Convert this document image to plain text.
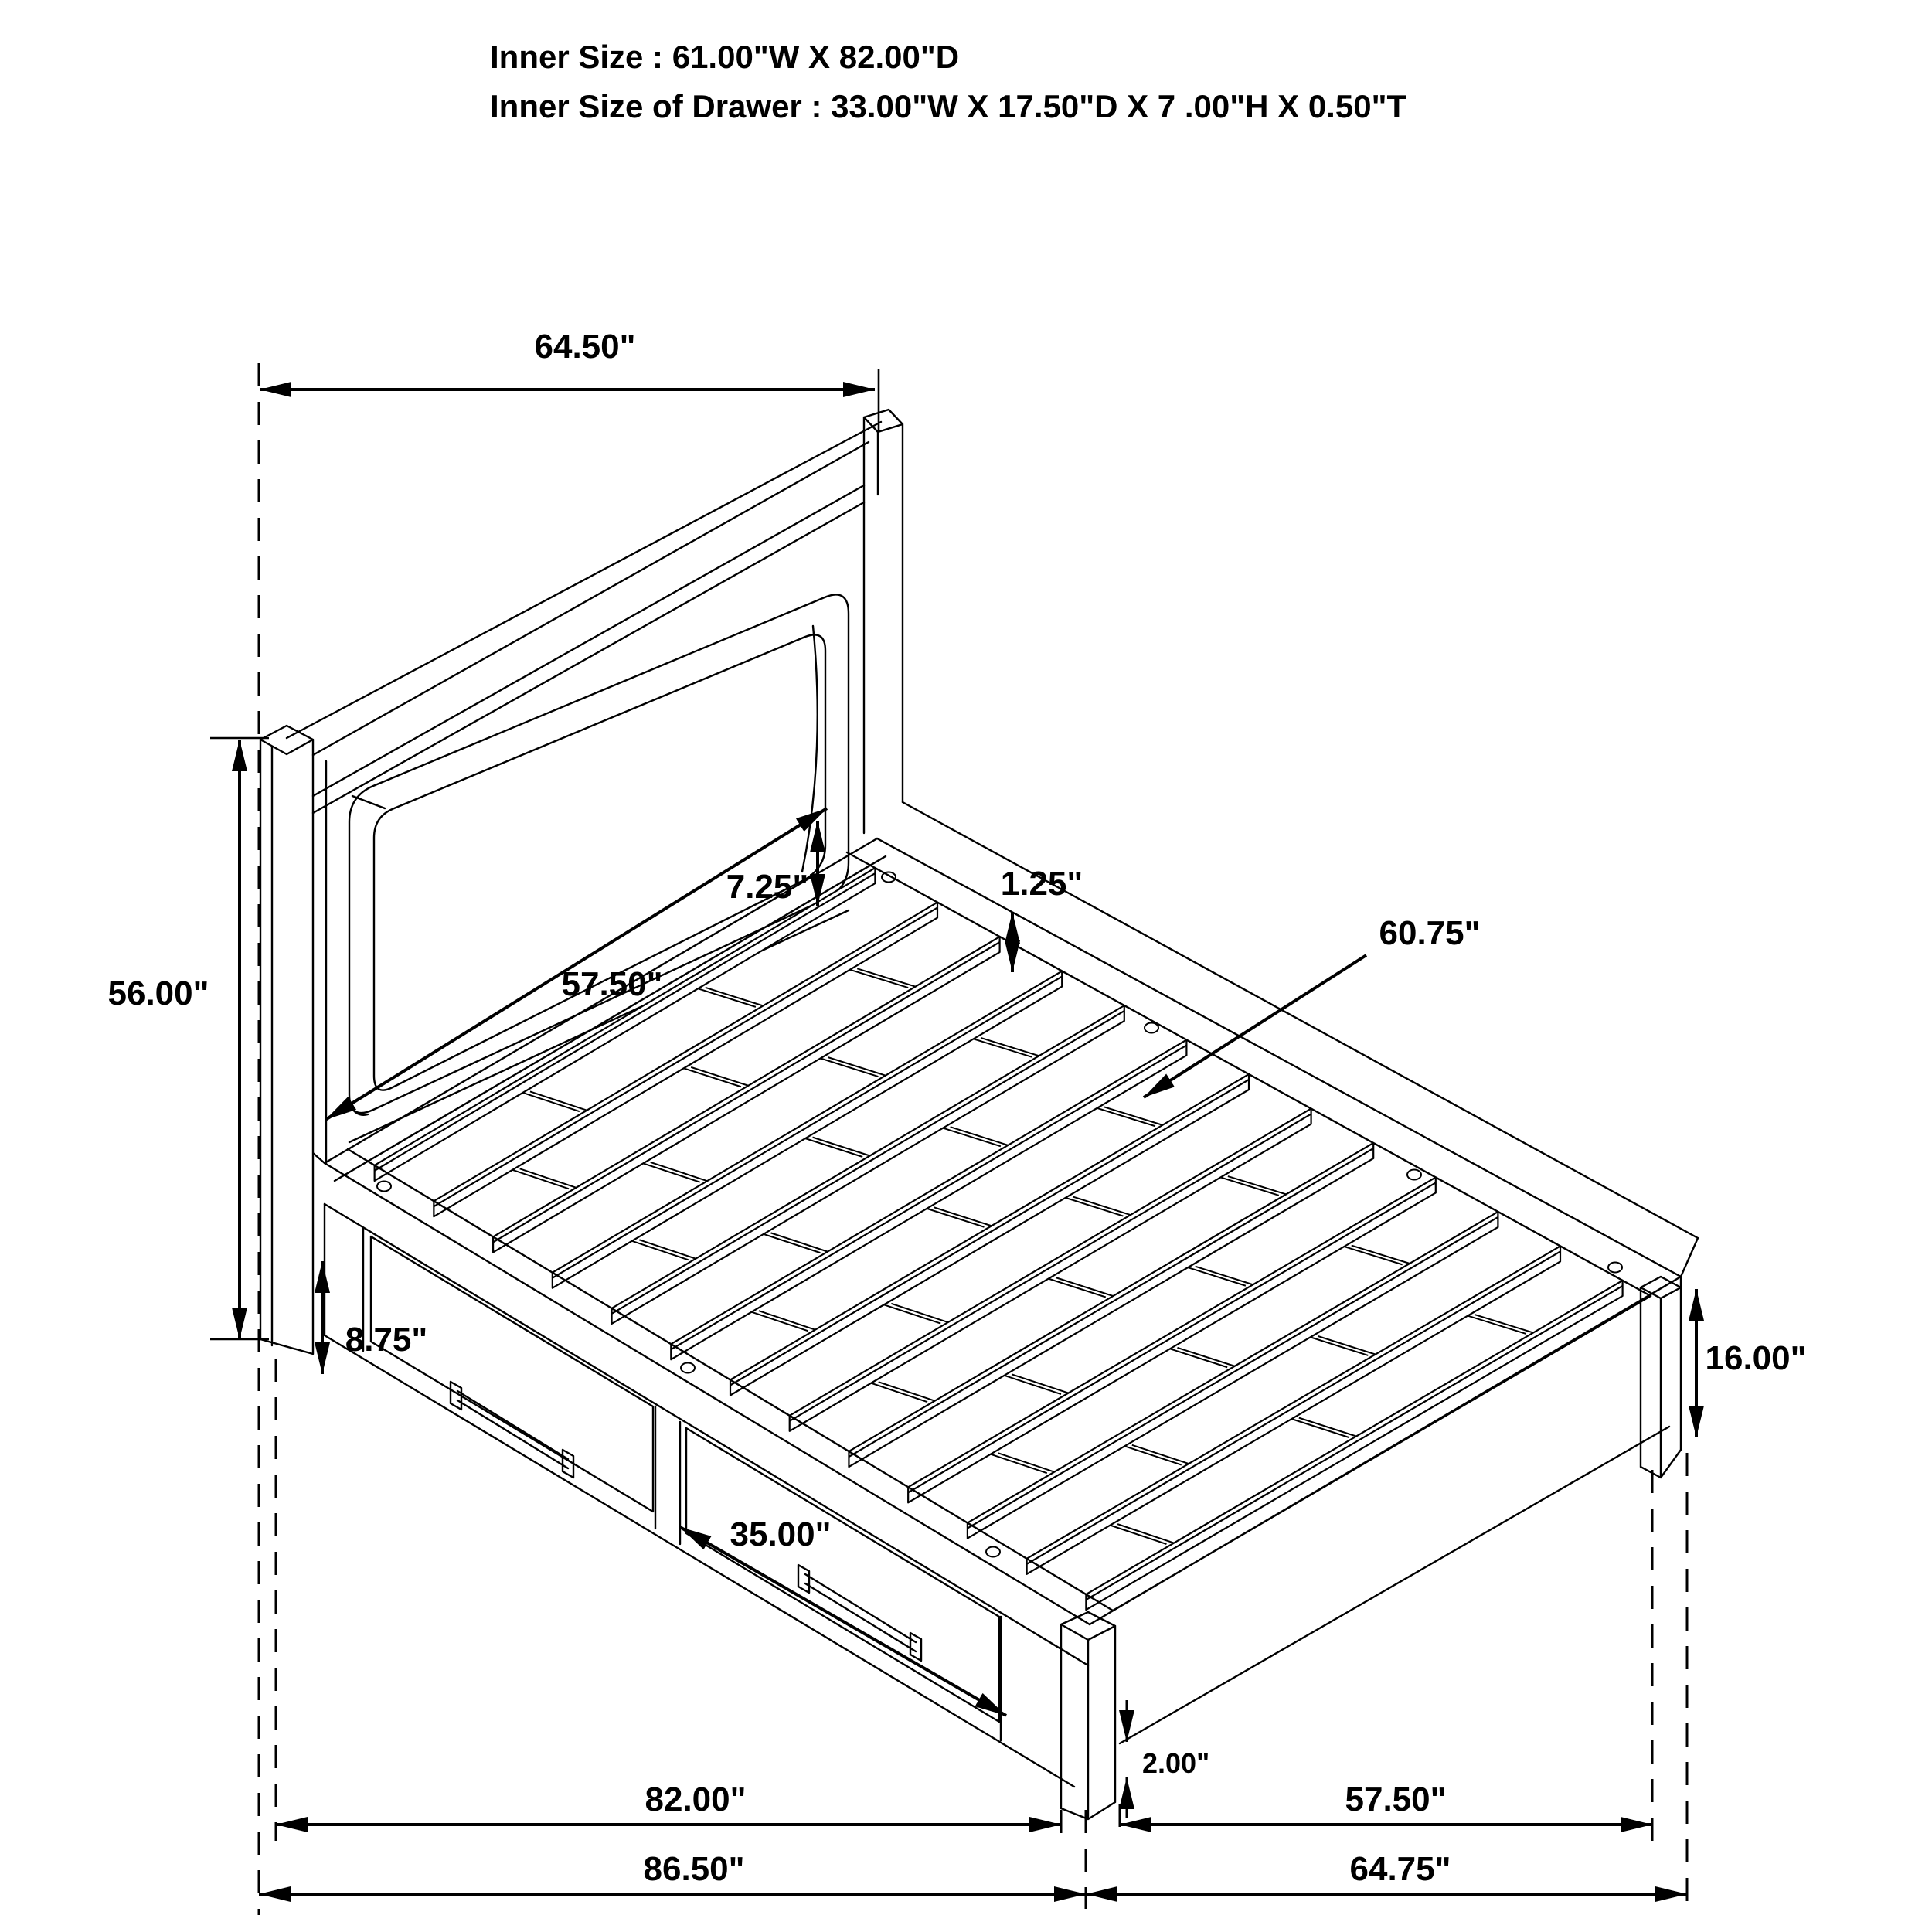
Inner Size : 61.00"W X 82.00"D
Inner Size of Drawer : 33.00"W X 17.50"D X 7 .00"H X 0.50"T
64.50"
56.00"
7.25"	1.25"
57.50"
60.75"
8.75"	16.00"
35.00"
2.00"
82.00"	57.50"
86.50"	64.75"
